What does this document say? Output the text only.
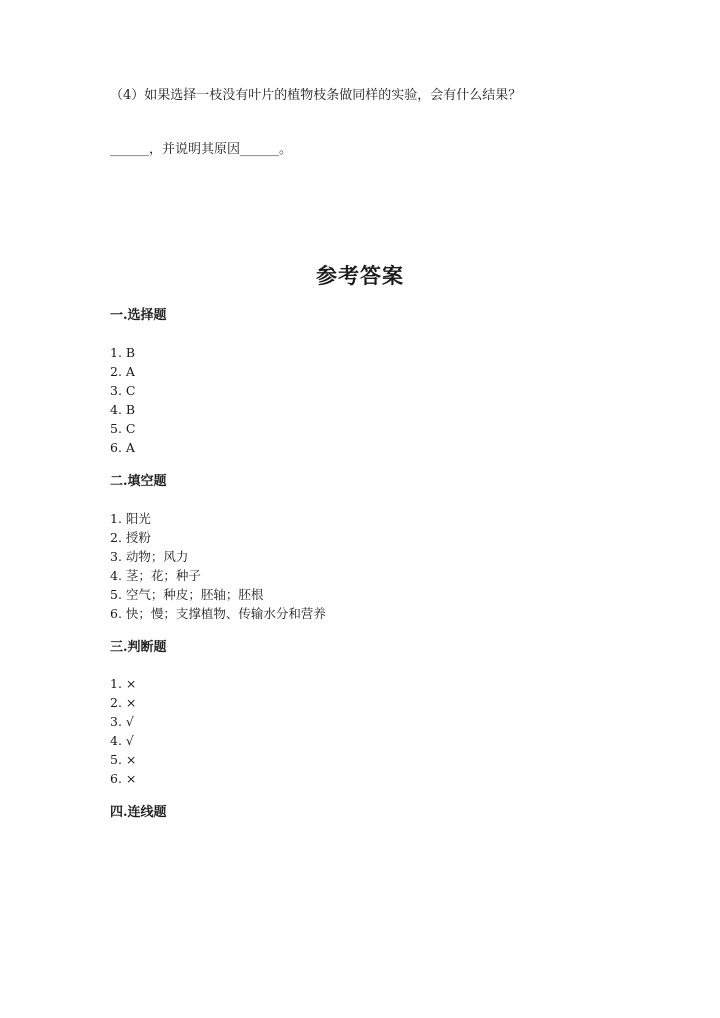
（4）如果选择一枝没有叶片的植物枝条做同样的实验，会有什么结果？
______，并说明其原因______。
参考答案
一.选择题
1. B
2. A
3. C
4. B
5. C
6. A
二.填空题
1. 阳光
2. 授粉
3. 动物；风力
4. 茎；花；种子
5. 空气；种皮；胚轴；胚根
6. 快；慢；支撑植物、传输水分和营养
三.判断题
1. ×
2. ×
3. √
4. √
5. ×
6. ×
四.连线题
